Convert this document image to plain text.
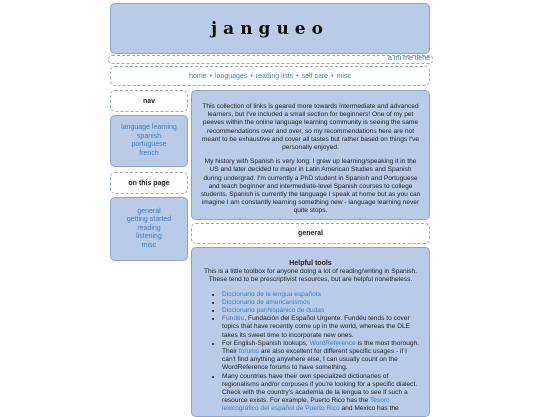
jangueo
a mi me tiene
home • languages • reading lists • self care • misc
nav
language learning
spanish
portuguese
french
on this page
general
getting started
reading
listening
misc

This collection of links is geared more towards intermediate and advanced learners, but I've included a small section for beginners! One of my pet peeves within the online language learning community is seeing the same recommendations over and over, so my recommendations here are not meant to be exhaustive and cover all tastes but rather based on things I've personally enjoyed.

My history with Spanish is very long: I grew up learning/speaking it in the US and later decided to major in Latin American Studies and Spanish during undergrad. I'm currently a PhD student in Spanish and Portuguese and teach beginner and intermediate-level Spanish courses to college students. Spanish is currently the language I speak at home but as you can imagine I am constantly learning something new - language learning never quite stops.

general
Helpful tools

This is a little toolbox for anyone doing a lot of reading/writing in Spanish. These tend to be prescriptivist resources, but are helpful nonetheless.

• Diccionario de la lengua española
• Diccionario de americanismos
• Diccionario panhispánico de dudas
• Fundéu, Fundación del Español Urgente. Fundéu tends to cover topics that have recently come up in the world, whereas the DLE takes its sweet time to incorporate new ones.
• For English-Spanish lookups, WordReference is the most thorough. Their forums are also excellent for different specific usages - if I can't find anything anywhere else, I can usually count on the WordReference forums to have something.
• Many countries have their own specialized dictionaries of regionalisms and/or corpuses if you're looking for a specific dialect. Check with the country's academia de la lengua to see if such a resource exists. For example, Puerto Rico has the Tesoro lexicográfico del español de Puerto Rico and Mexico has the
